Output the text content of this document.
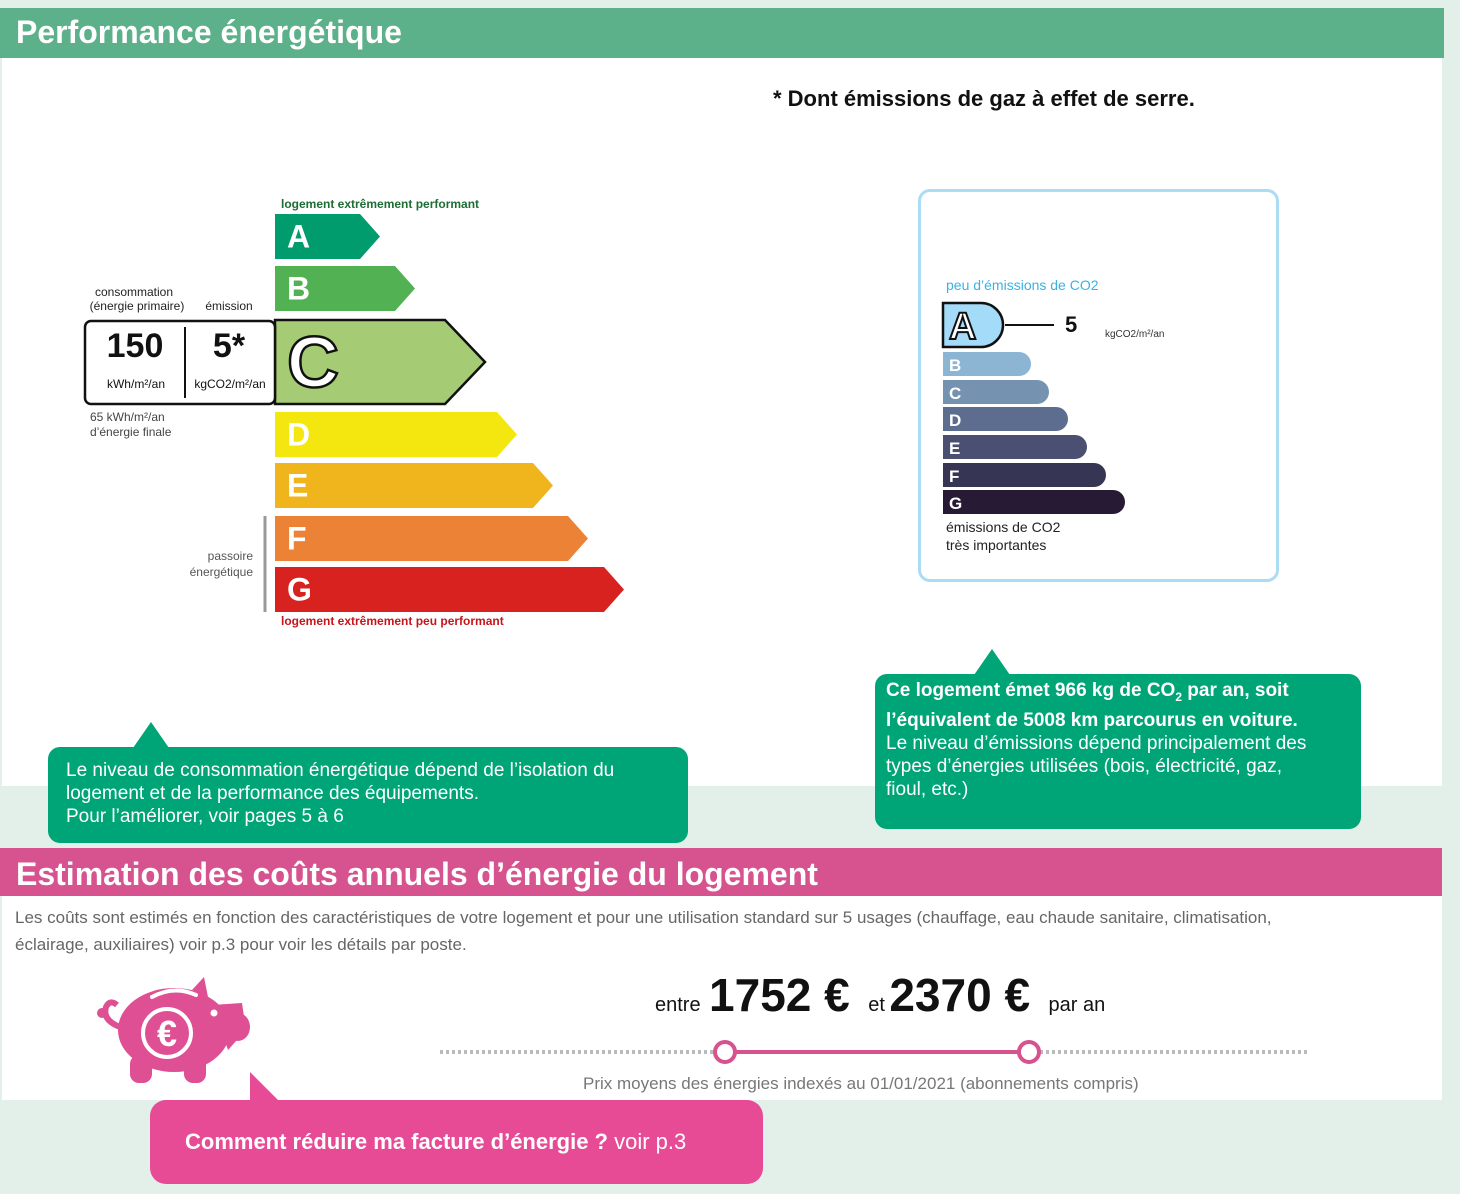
Performance énergétique
* Dont émissions de gaz à effet de serre.
logement extrêmement performant
A
B
C
D
E
F
G
consommation
(énergie primaire) émission
150
kWh/m²/an
5*
kgCO2/m²/an
65 kWh/m²/an
d’énergie finale
passoire
énergétique
logement extrêmement peu performant
peu d’émissions de CO2
A
B
C
D
E
F
G
5	kgCO2/m²/an
émissions de CO2
très importantes
Ce logement émet 966 kg de $CO_2$ par an, soit
l’équivalent de 5008 km parcourus en voiture.
Le niveau d’émissions dépend principalement des
types d’énergies utilisées (bois, électricité, gaz,
fioul, etc.)
Le niveau de consommation énergétique dépend de l’isolation du
logement et de la performance des équipements.
Pour l’améliorer, voir pages 5 à 6
Estimation des coûts annuels d’énergie du logement
Les coûts sont estimés en fonction des caractéristiques de votre logement et pour une utilisation standard sur 5 usages (chauffage, eau chaude sanitaire, climatisation,
éclairage, auxiliaires) voir p.3 pour voir les détails par poste.
€
entre 1752 € et 2370 € par an
Prix moyens des énergies indexés au 01/01/2021 (abonnements compris)
Comment réduire ma facture d’énergie ? voir p.3
